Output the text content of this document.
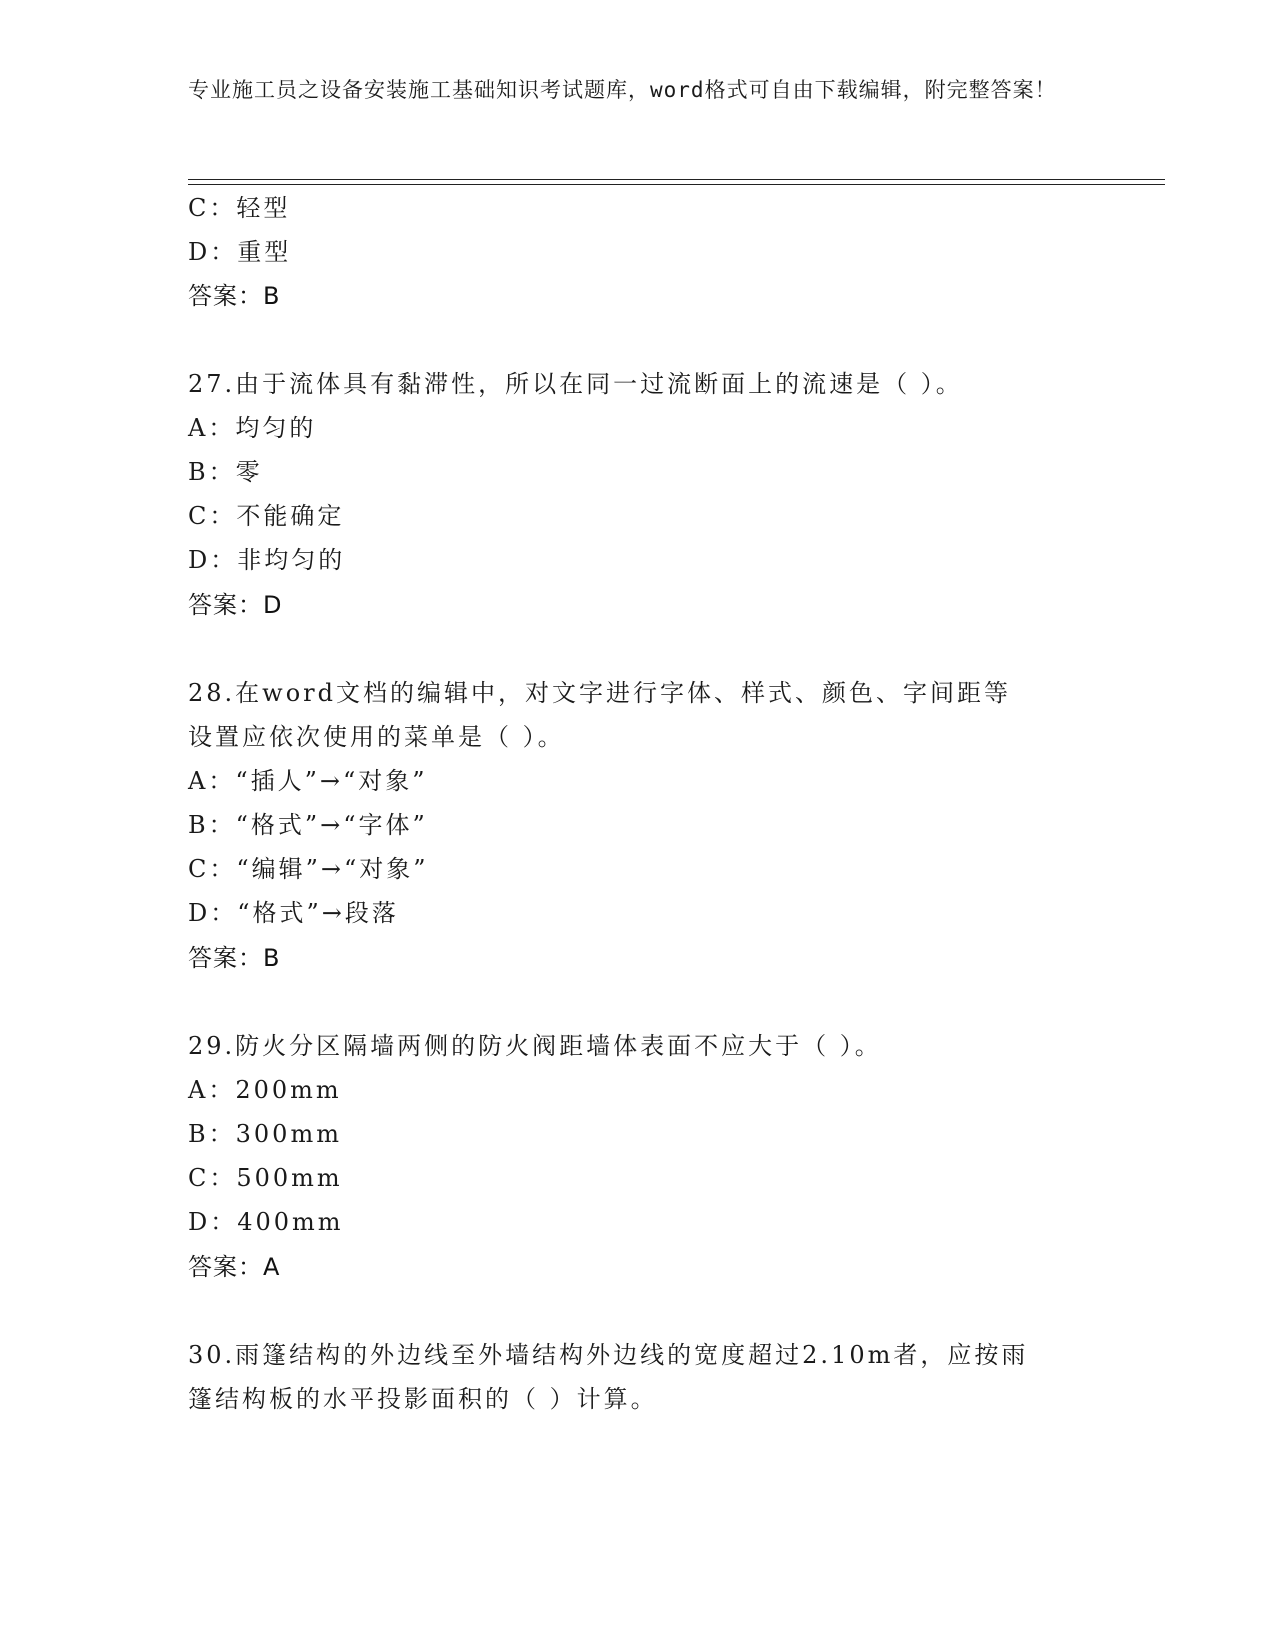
专业施工员之设备安装施工基础知识考试题库，word格式可自由下载编辑，附完整答案！
C：轻型
D：重型
答案：B
27.由于流体具有黏滞性，所以在同一过流断面上的流速是（ ）。
A：均匀的
B：零
C：不能确定
D：非均匀的
答案：D
28.在word文档的编辑中，对文字进行字体、样式、颜色、字间距等
设置应依次使用的菜单是（ ）。
A：“插人”→“对象”
B：“格式”→“字体”
C：“编辑”→“对象”
D：“格式”→段落
答案：B
29.防火分区隔墙两侧的防火阀距墙体表面不应大于（ ）。
A：200mm
B：300mm
C：500mm
D：400mm
答案：A
30.雨篷结构的外边线至外墙结构外边线的宽度超过2.10m者，应按雨
篷结构板的水平投影面积的（ ）计算。
